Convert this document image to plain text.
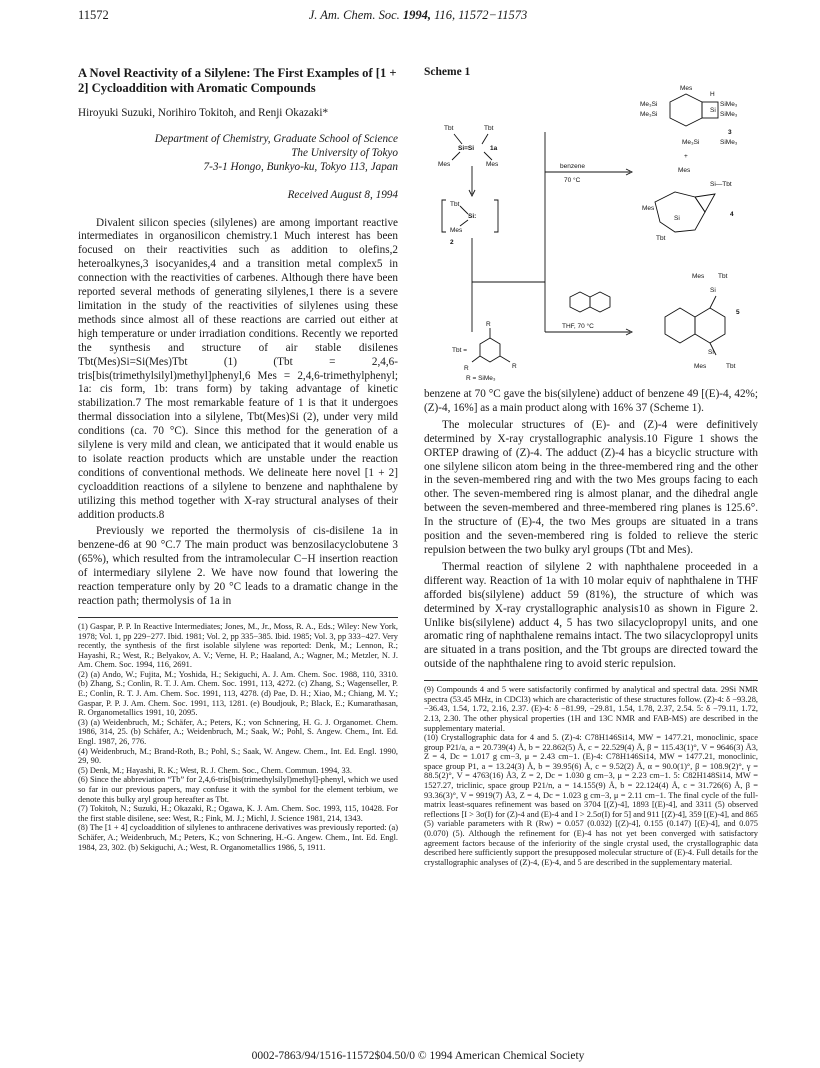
11572	J. Am. Chem. Soc. 1994, 116, 11572−11573
A Novel Reactivity of a Silylene: The First Examples of [1 + 2] Cycloaddition with Aromatic Compounds
Hiroyuki Suzuki, Norihiro Tokitoh, and Renji Okazaki*
Department of Chemistry, Graduate School of Science
The University of Tokyo
7-3-1 Hongo, Bunkyo-ku, Tokyo 113, Japan
Received August 8, 1994

Divalent silicon species (silylenes) are among important reactive intermediates in organosilicon chemistry.1 Much interest has been focused on their reactivities such as addition to olefins,2 heteroalkynes,3 isocyanides,4 and a transition metal complex5 in connection with the reactivities of carbenes. Although there have been reported several methods of generating silylenes,1 there is a severe limitation in the study of the reactivities of silylenes using these methods since almost all of these reactions are carried out either at high temperature or under irradiation conditions. Recently we reported the synthesis and structure of air stable disilenes Tbt(Mes)Si=Si(Mes)Tbt (1) (Tbt = 2,4,6-tris[bis(trimethylsilyl)methyl]phenyl,6 Mes = 2,4,6-trimethylphenyl; 1a: cis form, 1b: trans form) by taking advantage of kinetic stabilization.7 The most remarkable feature of 1 is that it undergoes thermal dissociation into a silylene, Tbt(Mes)Si (2), under very mild conditions (ca. 70 °C). Since this method for the generation of a silylene is very mild and clean, we anticipated that it would enable us to isolate reaction products which are unstable under the reaction conditions of conventional methods. We delineate here novel [1 + 2] cycloaddition reactions of a silylene to benzene and naphthalene by utilizing this method together with X-ray structural analyses of their addition products.8

Previously we reported the thermolysis of cis-disilene 1a in benzene-d6 at 90 °C.7 The main product was benzosilacyclobutene 3 (65%), which resulted from the intramolecular C−H insertion reaction of intermediary silylene 2. We have now found that lowering the reaction temperature only by 20 °C leads to a dramatic change in the reaction path; thermolysis of 1a in

(1) Gaspar, P. P. In Reactive Intermediates; Jones, M., Jr., Moss, R. A., Eds.; Wiley: New York, 1978; Vol. 1, pp 229−277. Ibid. 1981; Vol. 2, pp 335−385. Ibid. 1985; Vol. 3, pp 333−427. Very recently, the synthesis of the first isolable silylene was reported: Denk, M.; Lennon, R.; Hayashi, R.; West, R.; Belyakov, A. V.; Verne, H. P.; Haaland, A.; Wagner, M.; Metzler, N. J. Am. Chem. Soc. 1994, 116, 2691.

(2) (a) Ando, W.; Fujita, M.; Yoshida, H.; Sekiguchi, A. J. Am. Chem. Soc. 1988, 110, 3310. (b) Zhang, S.; Conlin, R. T. J. Am. Chem. Soc. 1991, 113, 4272. (c) Zhang, S.; Wagenseller, P. E.; Conlin, R. T. J. Am. Chem. Soc. 1991, 113, 4278. (d) Pae, D. H.; Xiao, M.; Chiang, M. Y.; Gaspar, P. P. J. Am. Chem. Soc. 1991, 113, 1281. (e) Boudjouk, P.; Black, E.; Kumarathasan, R. Organometallics 1991, 10, 2095.

(3) (a) Weidenbruch, M.; Schäfer, A.; Peters, K.; von Schnering, H. G. J. Organomet. Chem. 1986, 314, 25. (b) Schäfer, A.; Weidenbruch, M.; Saak, W.; Pohl, S. Angew. Chem., Int. Ed. Engl. 1987, 26, 776.

(4) Weidenbruch, M.; Brand-Roth, B.; Pohl, S.; Saak, W. Angew. Chem., Int. Ed. Engl. 1990, 29, 90.

(5) Denk, M.; Hayashi, R. K.; West, R. J. Chem. Soc., Chem. Commun. 1994, 33.

(6) Since the abbreviation “Tb” for 2,4,6-tris[bis(trimethylsilyl)methyl]-phenyl, which we used so far in our previous papers, may confuse it with the symbol for the element terbium, we denote this bulky aryl group hereafter as Tbt.

(7) Tokitoh, N.; Suzuki, H.; Okazaki, R.; Ogawa, K. J. Am. Chem. Soc. 1993, 115, 10428. For the first stable disilene, see: West, R.; Fink, M. J.; Michl, J. Science 1981, 214, 1343.

(8) The [1 + 4] cycloaddition of silylenes to anthracene derivatives was previously reported: (a) Schäfer, A.; Weidenbruch, M.; Peters, K.; von Schnering, H.-G. Angew. Chem., Int. Ed. Engl. 1984, 23, 302. (b) Sekiguchi, A.; West, R. Organometallics 1986, 5, 1911.

Scheme 1
Tbt	Tbt
Si=Si 1a
Mes	Mes
Tbt
Si:
Mes
2
benzene
70 °C
THF, 70 °C
Mes
H
SiMe₃
SiMe₃
Me₃Si
Me₃Si
Si
3
Me₃Si	SiMe₃
+
Mes
Si—Tbt
Mes
Si
4
Tbt
Mes Tbt
Si
5
Si
Mes	Tbt
R
Tbt =
R
R
R = SiMe₃

benzene at 70 °C gave the bis(silylene) adduct of benzene 49 [(E)-4, 42%; (Z)-4, 16%] as a main product along with 16% 37 (Scheme 1).

The molecular structures of (E)- and (Z)-4 were definitively determined by X-ray crystallographic analysis.10 Figure 1 shows the ORTEP drawing of (Z)-4. The adduct (Z)-4 has a bicyclic structure with one silylene silicon atom being in the three-membered ring and the other in the seven-membered ring and with the two Mes groups facing to each other. The seven-membered ring is almost planar, and the dihedral angle between the seven-membered and three-membered ring planes is 125.6°. In the structure of (E)-4, the two Mes groups are situated in a trans position and the seven-membered ring is folded to relieve the steric repulsion between the two bulky aryl groups (Tbt and Mes).

Thermal reaction of silylene 2 with naphthalene proceeded in a different way. Reaction of 1a with 10 molar equiv of naphthalene in THF afforded bis(silylene) adduct 59 (81%), the structure of which was determined by X-ray crystallographic analysis10 as shown in Figure 2. Unlike bis(silylene) adduct 4, 5 has two silacyclopropyl units, and one aromatic ring of naphthalene remains intact. The two silacyclopropyl units are situated in a trans position, and the Tbt groups are directed toward the outside of the naphthalene ring to avoid steric repulsion.

(9) Compounds 4 and 5 were satisfactorily confirmed by analytical and spectral data. 29Si NMR spectra (53.45 MHz, in CDCl3) which are characteristic of these structures follow. (Z)-4: δ −93.28, −36.43, 1.54, 1.72, 2.16, 2.37. (E)-4: δ −81.99, −29.81, 1.54, 1.78, 2.37, 2.54. 5: δ −79.11, 1.72, 2.13, 2.30. The other physical properties (1H and 13C NMR and FAB-MS) are described in the supplementary material.

(10) Crystallographic data for 4 and 5. (Z)-4: C78H146Si14, MW = 1477.21, monoclinic, space group P21/a, a = 20.739(4) Å, b = 22.862(5) Å, c = 22.529(4) Å, β = 115.43(1)°, V = 9646(3) Å3, Z = 4, Dc = 1.017 g cm−3, μ = 2.43 cm−1. (E)-4: C78H146Si14, MW = 1477.21, monoclinic, space group P1, a = 13.24(3) Å, b = 39.95(6) Å, c = 9.52(2) Å, α = 90.0(1)°, β = 108.9(2)°, γ = 88.5(2)°, V = 4763(16) Å3, Z = 2, Dc = 1.030 g cm−3, μ = 2.23 cm−1. 5: C82H148Si14, MW = 1527.27, triclinic, space group P21/n, a = 14.155(9) Å, b = 22.124(4) Å, c = 31.726(6) Å, β = 93.36(3)°, V = 9919(7) Å3, Z = 4, Dc = 1.023 g cm−3, μ = 2.11 cm−1. The final cycle of the full-matrix least-squares refinement was based on 3704 [(Z)-4], 1893 [(E)-4], and 3311 (5) observed reflections [I > 3σ(I) for (Z)-4 and (E)-4 and I > 2.5σ(I) for 5] and 911 [(Z)-4], 359 [(E)-4], and 865 (5) variable parameters with R (Rw) = 0.057 (0.032) [(Z)-4], 0.155 (0.147) [(E)-4], and 0.075 (0.070) (5). Although the refinement for (E)-4 has not yet been converged with satisfactory agreement factors because of the inferiority of the single crystal used, the crystallographic data described here sufficiently support the presupposed molecular structure of (E)-4. Full details for the crystallographic analyses of (Z)-4, (E)-4, and 5 are described in the supplementary material.

0002-7863/94/1516-11572$04.50/0 © 1994 American Chemical Society
